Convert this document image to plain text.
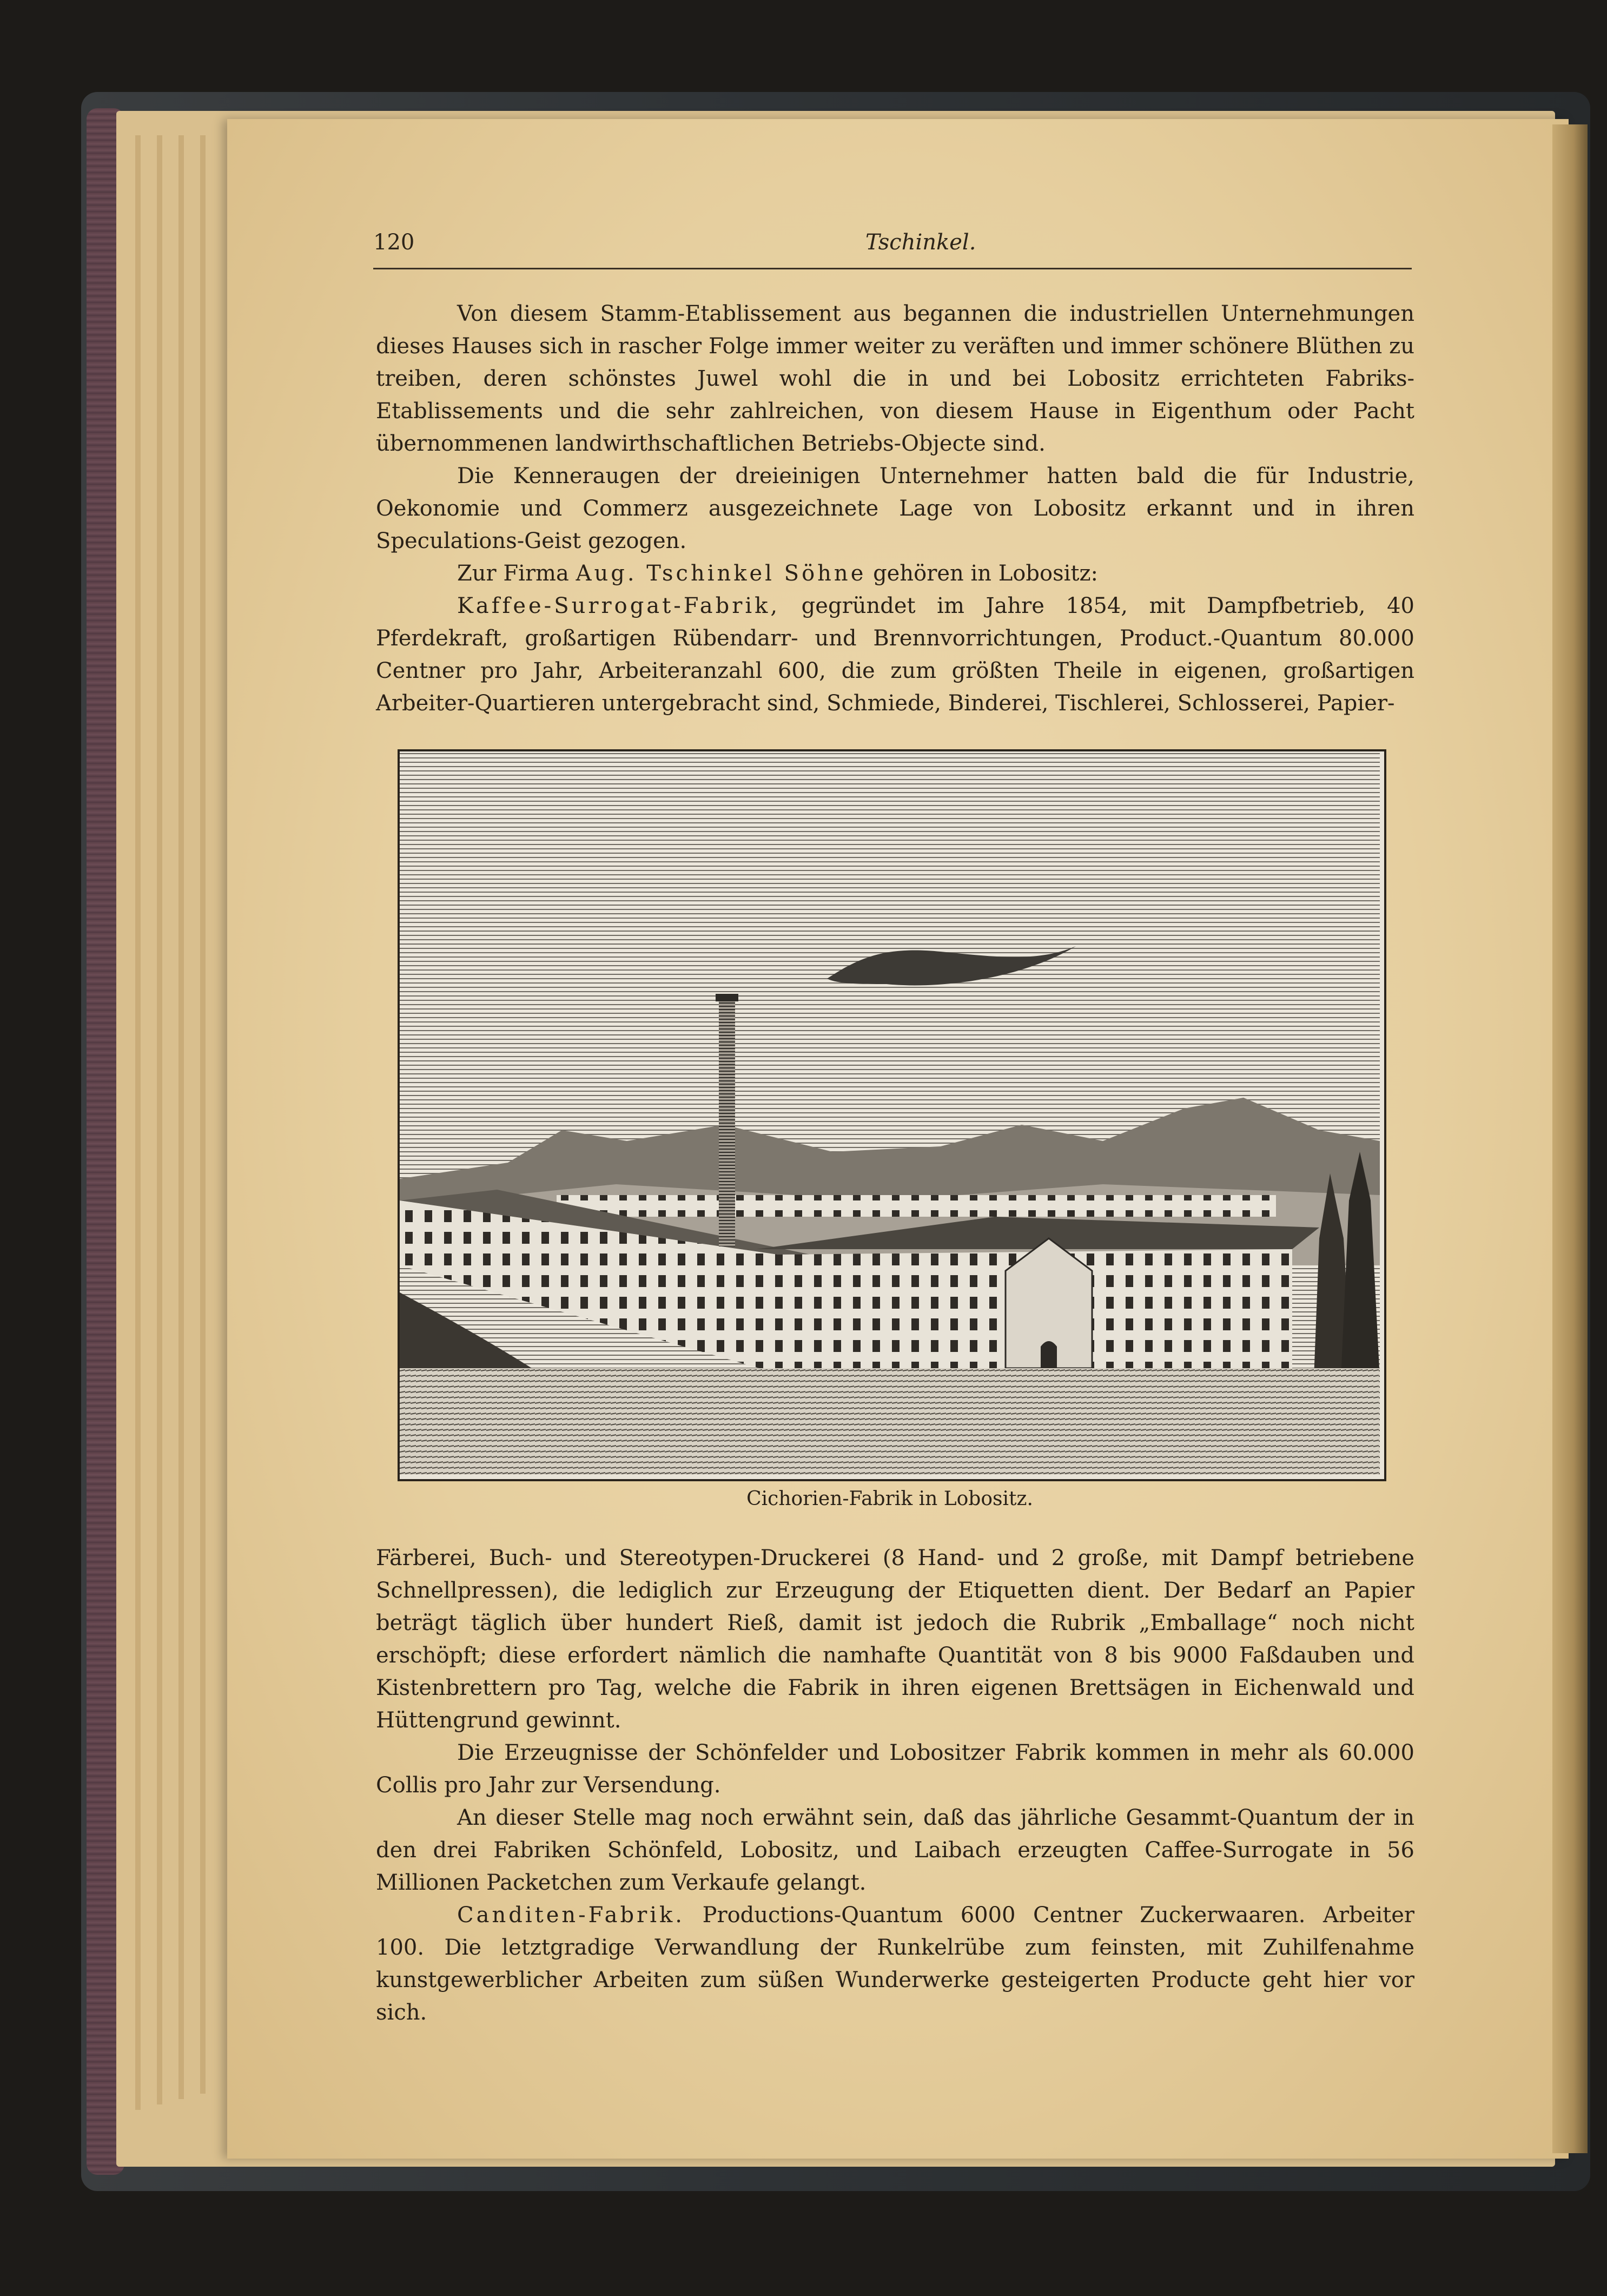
120	Tschinkel.

Von diesem Stamm-Etablissement aus begannen die industriellen Unternehmungen dieses Hauses sich in rascher Folge immer weiter zu veräften und immer schönere Blüthen zu treiben, deren schönstes Juwel wohl die in und bei Lobositz errichteten Fabriks-Etablissements und die sehr zahlreichen, von diesem Hause in Eigenthum oder Pacht übernommenen landwirthschaftlichen Betriebs-Objecte sind.

Die Kenneraugen der dreieinigen Unternehmer hatten bald die für Industrie, Oekonomie und Commerz ausgezeichnete Lage von Lobositz erkannt und in ihren Speculations-Geist gezogen.

Zur Firma Aug. Tschinkel Söhne gehören in Lobositz:

Kaffee-Surrogat-Fabrik, gegründet im Jahre 1854, mit Dampfbetrieb, 40 Pferdekraft, großartigen Rübendarr- und Brennvorrichtungen, Product.-Quantum 80.000 Centner pro Jahr, Arbeiteranzahl 600, die zum größten Theile in eigenen, großartigen Arbeiter-Quartieren untergebracht sind, Schmiede, Binderei, Tischlerei, Schlosserei, Papier-

Cichorien-Fabrik in Lobositz.

Färberei, Buch- und Stereotypen-Druckerei (8 Hand- und 2 große, mit Dampf betriebene Schnellpressen), die lediglich zur Erzeugung der Etiquetten dient. Der Bedarf an Papier beträgt täglich über hundert Rieß, damit ist jedoch die Rubrik „Emballage“ noch nicht erschöpft; diese erfordert nämlich die namhafte Quantität von 8 bis 9000 Faßdauben und Kistenbrettern pro Tag, welche die Fabrik in ihren eigenen Brettsägen in Eichenwald und Hüttengrund gewinnt.

Die Erzeugnisse der Schönfelder und Lobositzer Fabrik kommen in mehr als 60.000 Collis pro Jahr zur Versendung.

An dieser Stelle mag noch erwähnt sein, daß das jährliche Gesammt-Quantum der in den drei Fabriken Schönfeld, Lobositz, und Laibach erzeugten Caffee-Surrogate in 56 Millionen Packetchen zum Verkaufe gelangt.

Canditen-Fabrik. Productions-Quantum 6000 Centner Zuckerwaaren. Arbeiter 100. Die letztgradige Verwandlung der Runkelrübe zum feinsten, mit Zuhilfenahme kunstgewerblicher Arbeiten zum süßen Wunderwerke gesteigerten Producte geht hier vor sich.
